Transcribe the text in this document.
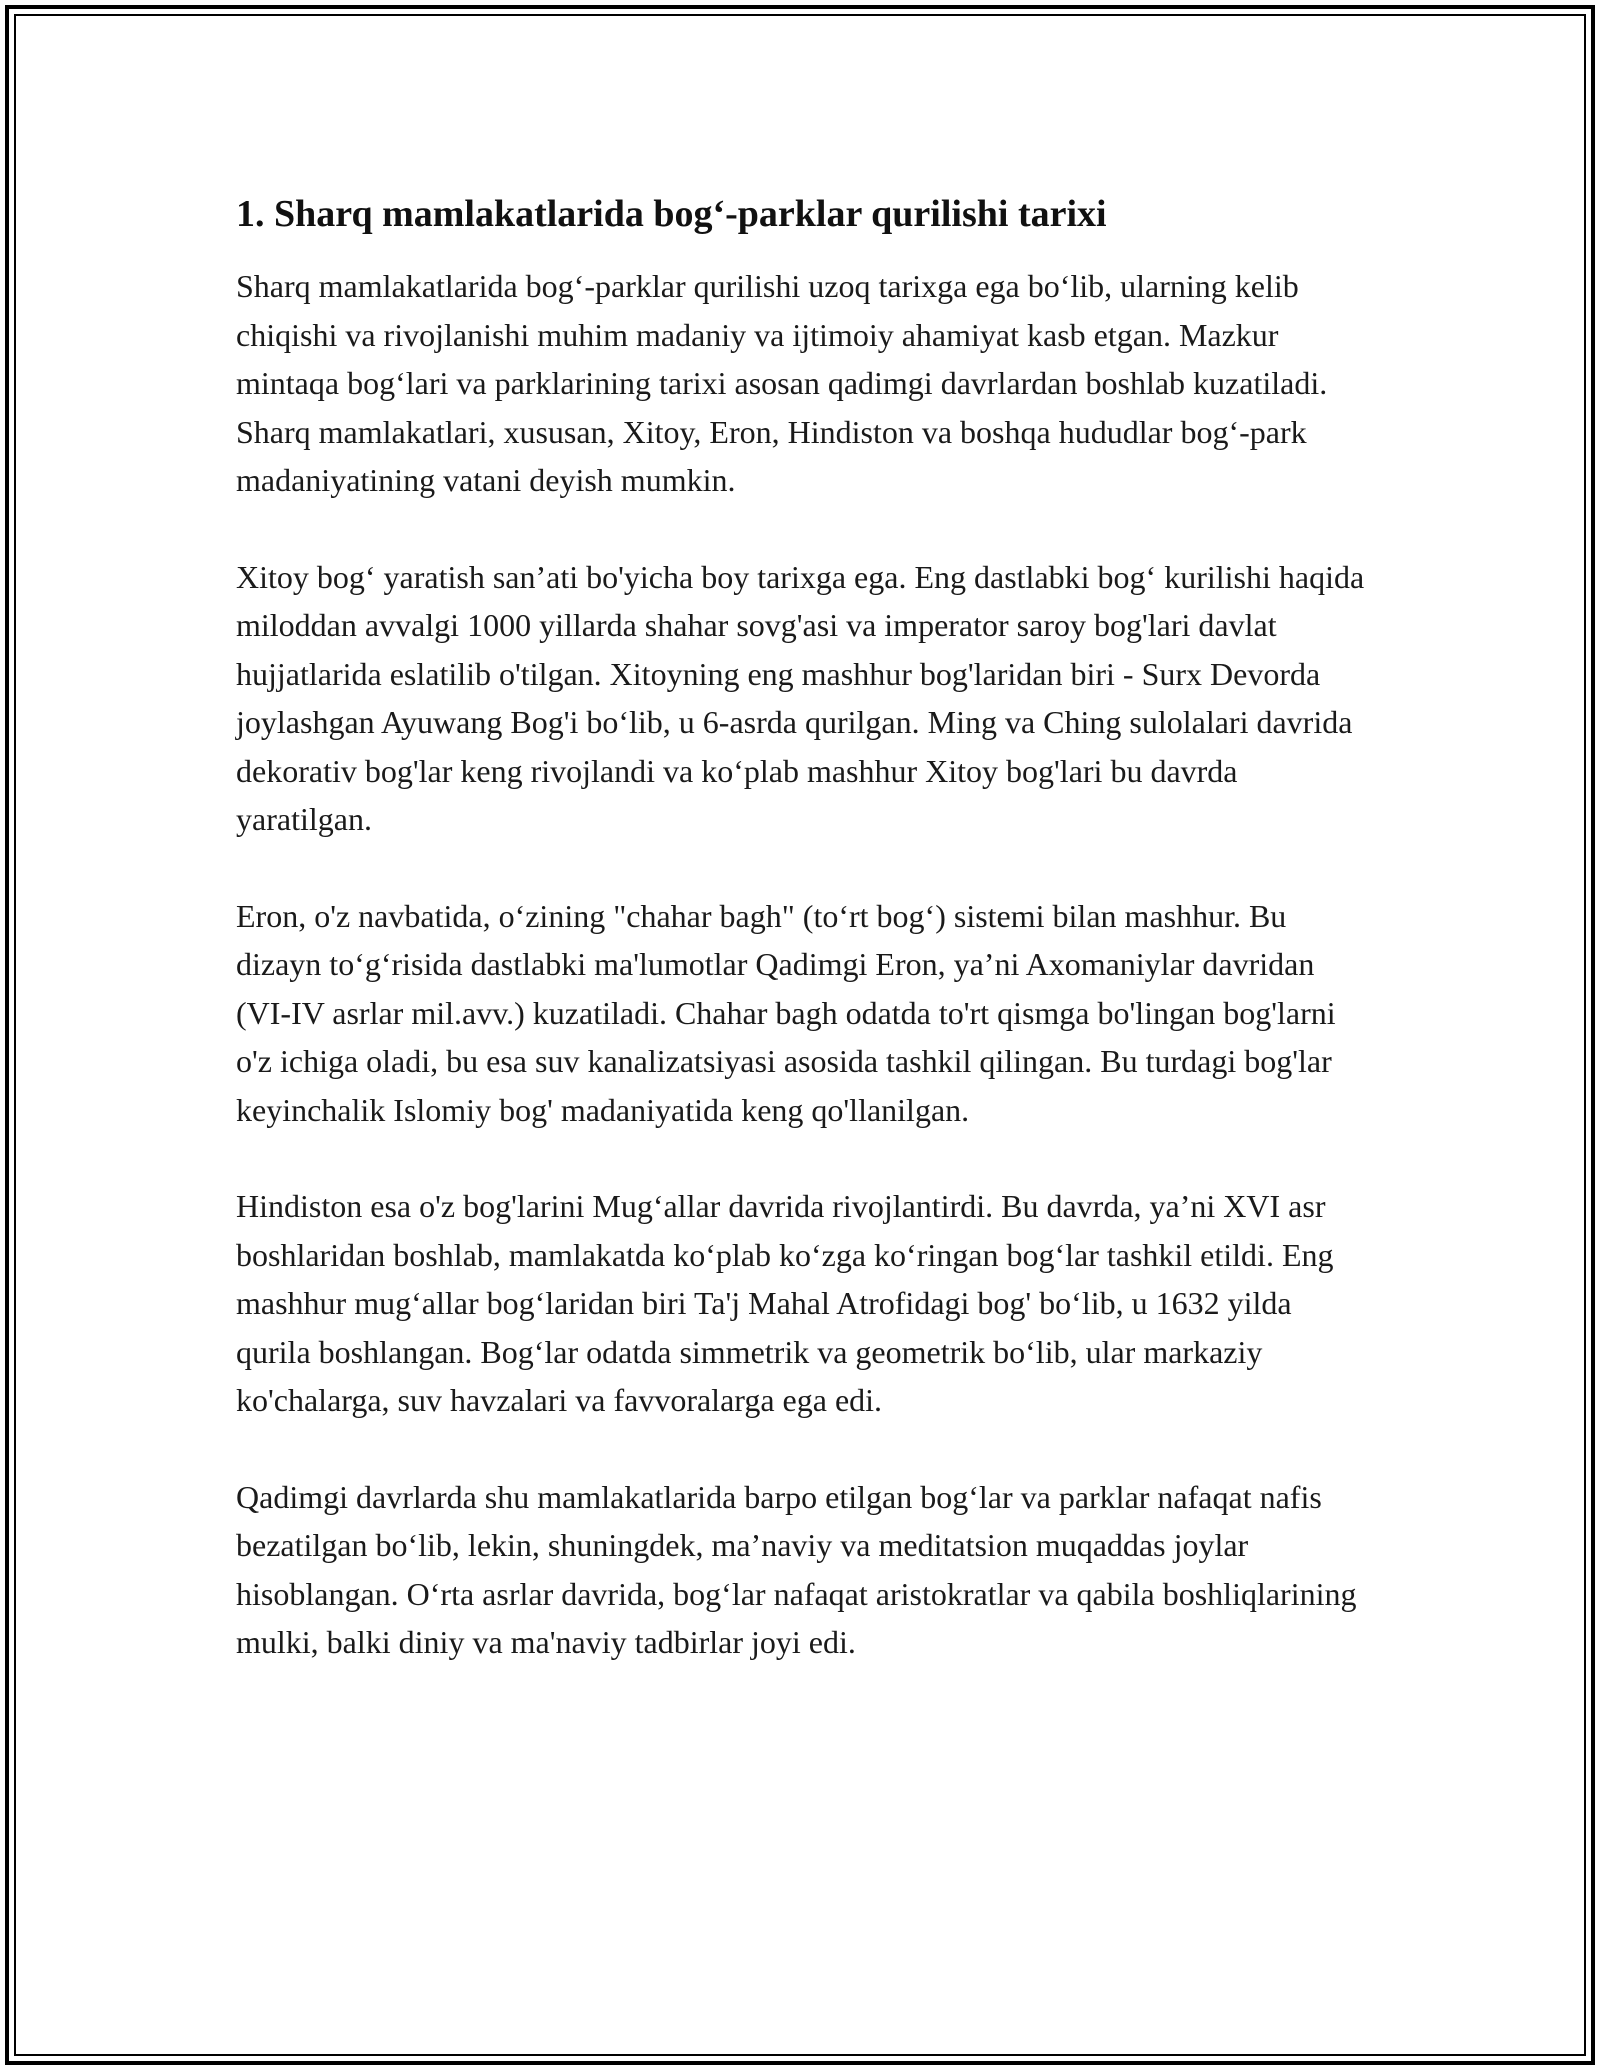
1. Sharq mamlakatlarida bog‘-parklar qurilishi tarixi

Sharq mamlakatlarida bog‘-parklar qurilishi uzoq tarixga ega bo‘lib, ularning kelib chiqishi va rivojlanishi muhim madaniy va ijtimoiy ahamiyat kasb etgan. Mazkur mintaqa bog‘lari va parklarining tarixi asosan qadimgi davrlardan boshlab kuzatiladi. Sharq mamlakatlari, xususan, Xitoy, Eron, Hindiston va boshqa hududlar bog‘-park madaniyatining vatani deyish mumkin.

Xitoy bog‘ yaratish san’ati bo'yicha boy tarixga ega. Eng dastlabki bog‘ kurilishi haqida miloddan avvalgi 1000 yillarda shahar sovg'asi va imperator saroy bog'lari davlat hujjatlarida eslatilib o'tilgan. Xitoyning eng mashhur bog'laridan biri - Surx Devorda joylashgan Ayuwang Bog'i bo‘lib, u 6-asrda qurilgan. Ming va Ching sulolalari davrida dekorativ bog'lar keng rivojlandi va ko‘plab mashhur Xitoy bog'lari bu davrda yaratilgan.

Eron, o'z navbatida, o‘zining "chahar bagh" (to‘rt bog‘) sistemi bilan mashhur. Bu dizayn to‘g‘risida dastlabki ma'lumotlar Qadimgi Eron, ya’ni Axomaniylar davridan (VI-IV asrlar mil.avv.) kuzatiladi. Chahar bagh odatda to'rt qismga bo'lingan bog'larni o'z ichiga oladi, bu esa suv kanalizatsiyasi asosida tashkil qilingan. Bu turdagi bog'lar keyinchalik Islomiy bog' madaniyatida keng qo'llanilgan.

Hindiston esa o'z bog'larini Mug‘allar davrida rivojlantirdi. Bu davrda, ya’ni XVI asr boshlaridan boshlab, mamlakatda ko‘plab ko‘zga ko‘ringan bog‘lar tashkil etildi. Eng mashhur mug‘allar bog‘laridan biri Ta'j Mahal Atrofidagi bog' bo‘lib, u 1632 yilda qurila boshlangan. Bog‘lar odatda simmetrik va geometrik bo‘lib, ular markaziy ko'chalarga, suv havzalari va favvoralarga ega edi.

Qadimgi davrlarda shu mamlakatlarida barpo etilgan bog‘lar va parklar nafaqat nafis bezatilgan bo‘lib, lekin, shuningdek, ma’naviy va meditatsion muqaddas joylar hisoblangan. O‘rta asrlar davrida, bog‘lar nafaqat aristokratlar va qabila boshliqlarining mulki, balki diniy va ma'naviy tadbirlar joyi edi.
